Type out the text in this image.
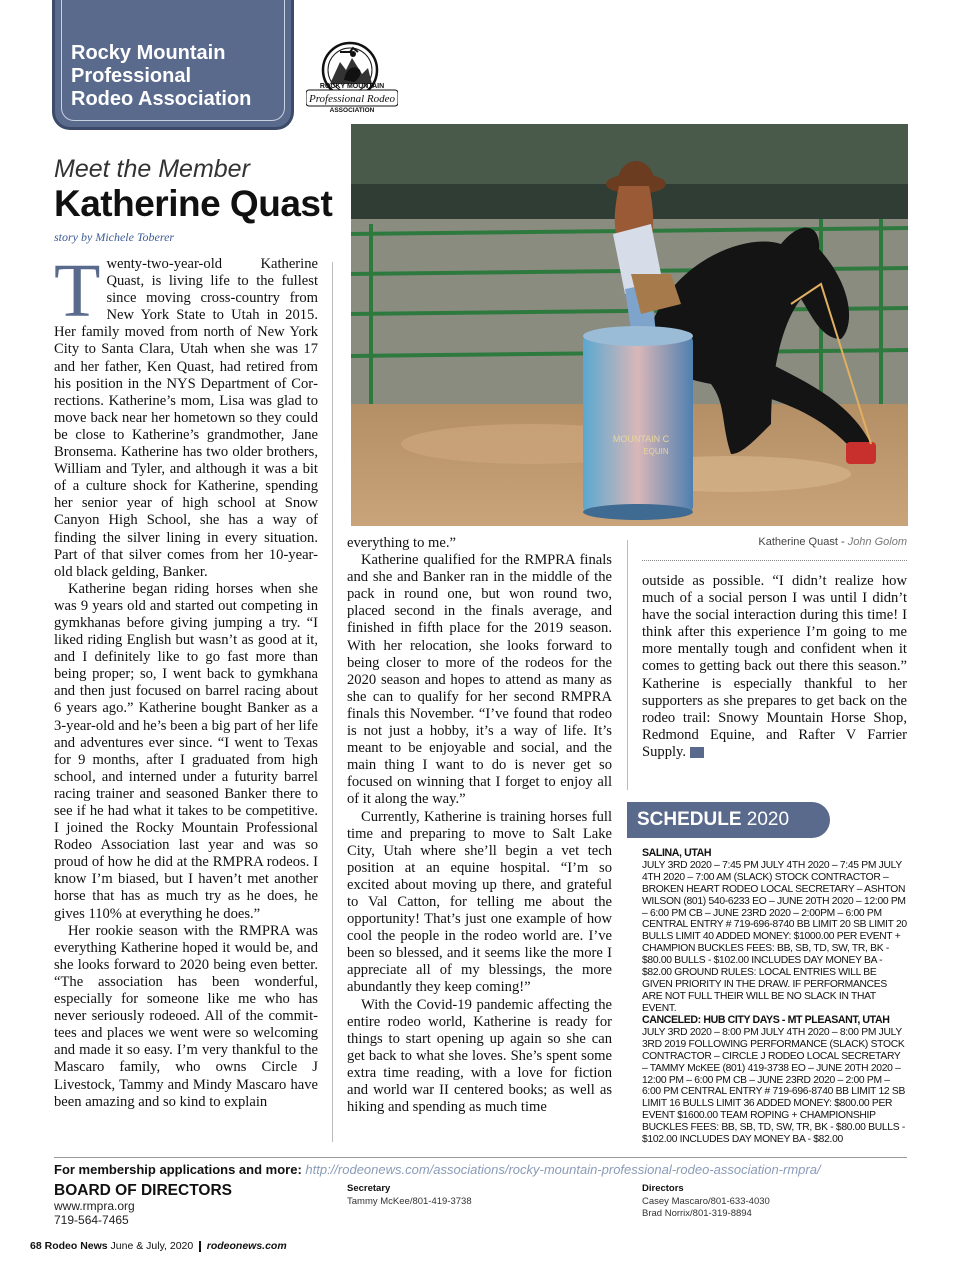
Rocky Mountain
Professional
Rodeo Association
ROCKY MOUNTAIN
Professional Rodeo
ASSOCIATION
MOUNTAIN C
EQUIN
Meet the Member
Katherine Quast
story by Michele Toberer

Twenty-two-year-old Katherine Quast, is living life to the fullest since moving cross-country from New York State to Utah in 2015. Her family moved from north of New York City to Santa Clara, Utah when she was 17 and her father, Ken Quast, had retired from his position in the NYS Department of Corrections. Katherine’s mom, Lisa was glad to move back near her hometown so they could be close to Katherine’s grandmother, Jane Bronsema. Katherine has two older brothers, William and Tyler, and although it was a bit of a culture shock for Katherine, spending her senior year of high school at Snow Canyon High School, she has a way of finding the silver lining in every situation. Part of that silver comes from her 10-year-old black gelding, Banker.

Katherine began riding horses when she was 9 years old and started out competing in gymkhanas before giving jumping a try. “I liked riding English but wasn’t as good at it, and I definitely like to go fast more than being proper; so, I went back to gymkhana and then just focused on barrel racing about 6 years ago.” Katherine bought Banker as a 3-year-old and he’s been a big part of her life and adventures ever since. “I went to Texas for 9 months, after I graduated from high school, and interned under a futurity barrel racing trainer and seasoned Banker there to see if he had what it takes to be competitive. I joined the Rocky Mountain Professional Rodeo Association last year and was so proud of how he did at the RMPRA rodeos. I know I’m biased, but I haven’t met another horse that has as much try as he does, he gives 110% at everything he does.”

Her rookie season with the RMPRA was everything Katherine hoped it would be, and she looks forward to 2020 being even better. “The association has been wonderful, especially for someone like me who has never seriously rodeoed. All of the committees and places we went were so welcoming and made it so easy. I’m very thankful to the Mascaro family, who owns Circle J Livestock, Tammy and Mindy Mascaro have been amazing and so kind to explain

everything to me.”

Katherine qualified for the RMPRA finals and she and Banker ran in the middle of the pack in round one, but won round two, placed second in the finals average, and finished in fifth place for the 2019 season. With her relocation, she looks forward to being closer to more of the rodeos for the 2020 season and hopes to attend as many as she can to qualify for her second RMPRA finals this November. “I’ve found that rodeo is not just a hobby, it’s a way of life. It’s meant to be enjoyable and social, and the main thing I want to do is never get so focused on winning that I forget to enjoy all of it along the way.”

Currently, Katherine is training horses full time and preparing to move to Salt Lake City, Utah where she’ll begin a vet tech position at an equine hospital. “I’m so excited about moving up there, and grateful to Val Catton, for telling me about the opportunity! That’s just one example of how cool the people in the rodeo world are. I’ve been so blessed, and it seems like the more I appreciate all of my blessings, the more abundantly they keep coming!”

With the Covid-19 pandemic affecting the entire rodeo world, Katherine is ready for things to start opening up again so she can get back to what she loves. She’s spent some extra time reading, with a love for fiction and world war II centered books; as well as hiking and spending as much time

Katherine Quast - John Golom

outside as possible. “I didn’t realize how much of a social person I was until I didn’t have the social interaction during this time! I think after this experience I’m going to me more mentally tough and confident when it comes to getting back out there this season.” Katherine is especially thankful to her supporters as she prepares to get back on the rodeo trail: Snowy Mountain Horse Shop, Redmond Equine, and Rafter V Farrier Supply.

SCHEDULE 2020
SALINA, UTAH
JULY 3RD 2020 – 7:45 PM JULY 4TH 2020 – 7:45 PM JULY 4TH 2020 – 7:00 AM (SLACK) STOCK CONTRACTOR – BROKEN HEART RODEO LOCAL SECRETARY – ASHTON WILSON (801) 540-6233 EO – JUNE 20TH 2020 – 12:00 PM – 6:00 PM CB – JUNE 23RD 2020 – 2:00PM – 6:00 PM CENTRAL ENTRY # 719-696-8740 BB LIMIT 20 SB LIMIT 20 BULLS LIMIT 40 ADDED MONEY: $1000.00 PER EVENT + CHAMPION BUCKLES FEES: BB, SB, TD, SW, TR, BK - $80.00 BULLS - $102.00 INCLUDES DAY MONEY BA - $82.00 GROUND RULES: LOCAL ENTRIES WILL BE GIVEN PRIORITY IN THE DRAW. IF PERFORMANCES ARE NOT FULL THEIR WILL BE NO SLACK IN THAT EVENT.
CANCELED: HUB CITY DAYS - MT PLEASANT, UTAH
JULY 3RD 2020 – 8:00 PM JULY 4TH 2020 – 8:00 PM JULY 3RD 2019 FOLLOWING PERFORMANCE (SLACK) STOCK CONTRACTOR – CIRCLE J RODEO LOCAL SECRETARY – TAMMY McKEE (801) 419-3738 EO – JUNE 20TH 2020 – 12:00 PM – 6:00 PM CB – JUNE 23RD 2020 – 2:00 PM – 6:00 PM CENTRAL ENTRY # 719-696-8740 BB LIMIT 12 SB LIMIT 16 BULLS LIMIT 36 ADDED MONEY: $800.00 PER EVENT $1600.00 TEAM ROPING + CHAMPIONSHIP BUCKLES FEES: BB, SB, TD, SW, TR, BK - $80.00 BULLS - $102.00 INCLUDES DAY MONEY BA - $82.00
For membership applications and more: http://rodeonews.com/associations/rocky-mountain-professional-rodeo-association-rmpra/
BOARD OF DIRECTORS
www.rmpra.org
719-564-7465
Secretary
Tammy McKee/801-419-3738
Directors
Casey Mascaro/801-633-4030
Brad Norrix/801-319-8894
68 Rodeo News June & July, 2020 rodeonews.com
